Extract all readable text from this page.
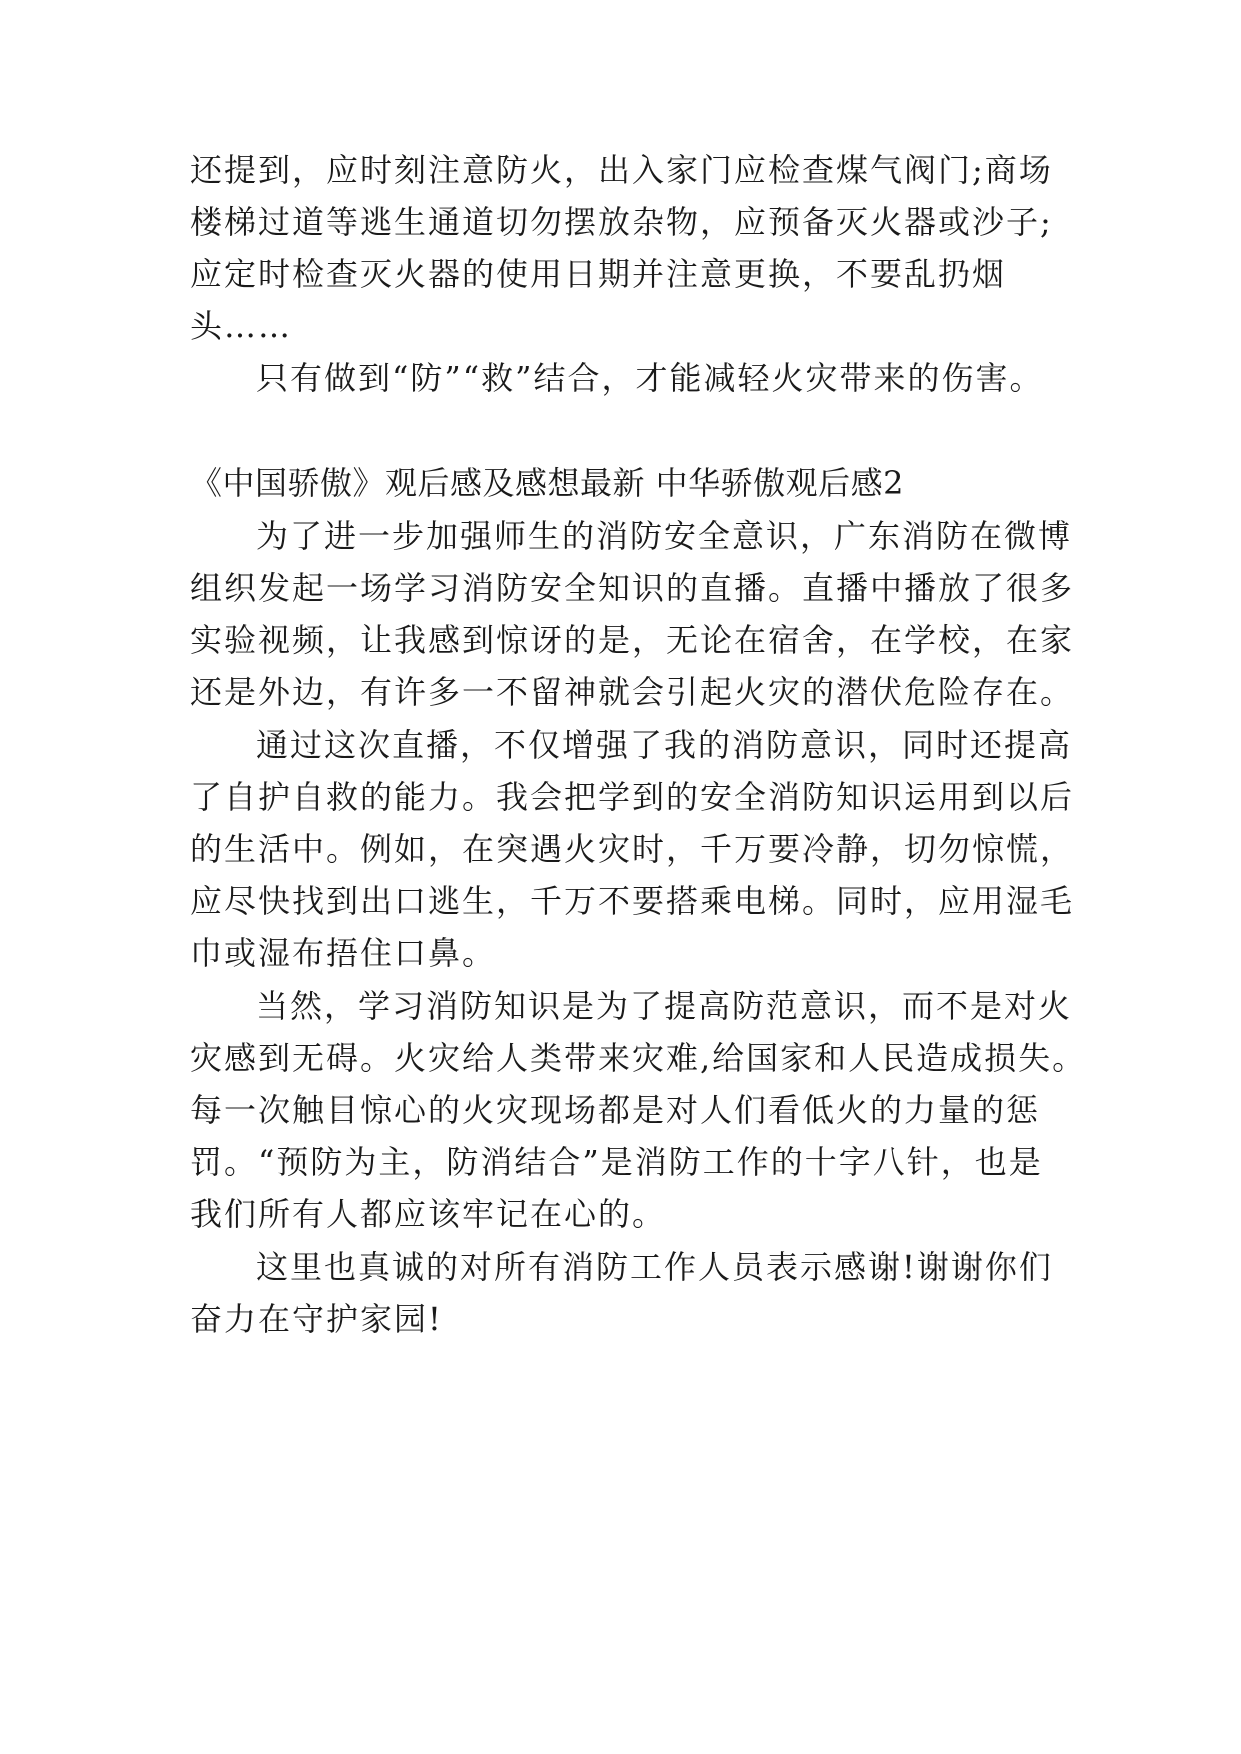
还提到，应时刻注意防火，出入家门应检查煤气阀门;商场
楼梯过道等逃生通道切勿摆放杂物，应预备灭火器或沙子;
应定时检查灭火器的使用日期并注意更换，不要乱扔烟
头……
只有做到“防”“救”结合，才能减轻火灾带来的伤害。
《中国骄傲》观后感及感想最新 中华骄傲观后感2
为了进一步加强师生的消防安全意识，广东消防在微博
组织发起一场学习消防安全知识的直播。直播中播放了很多
实验视频，让我感到惊讶的是，无论在宿舍，在学校，在家
还是外边，有许多一不留神就会引起火灾的潜伏危险存在。
通过这次直播，不仅增强了我的消防意识，同时还提高
了自护自救的能力。我会把学到的安全消防知识运用到以后
的生活中。例如，在突遇火灾时，千万要冷静，切勿惊慌，
应尽快找到出口逃生，千万不要搭乘电梯。同时，应用湿毛
巾或湿布捂住口鼻。
当然，学习消防知识是为了提高防范意识，而不是对火
灾感到无碍。火灾给人类带来灾难,给国家和人民造成损失。
每一次触目惊心的火灾现场都是对人们看低火的力量的惩
罚。“预防为主，防消结合”是消防工作的十字八针，也是
我们所有人都应该牢记在心的。
这里也真诚的对所有消防工作人员表示感谢!谢谢你们
奋力在守护家园!
